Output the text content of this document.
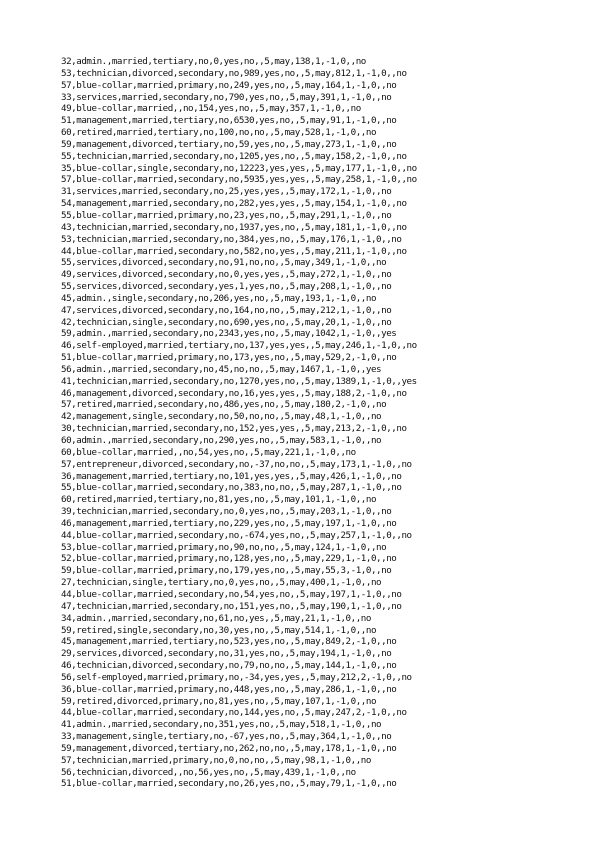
32,admin.,married,tertiary,no,0,yes,no,,5,may,138,1,-1,0,,no
53,technician,divorced,secondary,no,989,yes,no,,5,may,812,1,-1,0,,no
57,blue-collar,married,primary,no,249,yes,no,,5,may,164,1,-1,0,,no
33,services,married,secondary,no,790,yes,no,,5,may,391,1,-1,0,,no
49,blue-collar,married,,no,154,yes,no,,5,may,357,1,-1,0,,no
51,management,married,tertiary,no,6530,yes,no,,5,may,91,1,-1,0,,no
60,retired,married,tertiary,no,100,no,no,,5,may,528,1,-1,0,,no
59,management,divorced,tertiary,no,59,yes,no,,5,may,273,1,-1,0,,no
55,technician,married,secondary,no,1205,yes,no,,5,may,158,2,-1,0,,no
35,blue-collar,single,secondary,no,12223,yes,yes,,5,may,177,1,-1,0,,no
57,blue-collar,married,secondary,no,5935,yes,yes,,5,may,258,1,-1,0,,no
31,services,married,secondary,no,25,yes,yes,,5,may,172,1,-1,0,,no
54,management,married,secondary,no,282,yes,yes,,5,may,154,1,-1,0,,no
55,blue-collar,married,primary,no,23,yes,no,,5,may,291,1,-1,0,,no
43,technician,married,secondary,no,1937,yes,no,,5,may,181,1,-1,0,,no
53,technician,married,secondary,no,384,yes,no,,5,may,176,1,-1,0,,no
44,blue-collar,married,secondary,no,582,no,yes,,5,may,211,1,-1,0,,no
55,services,divorced,secondary,no,91,no,no,,5,may,349,1,-1,0,,no
49,services,divorced,secondary,no,0,yes,yes,,5,may,272,1,-1,0,,no
55,services,divorced,secondary,yes,1,yes,no,,5,may,208,1,-1,0,,no
45,admin.,single,secondary,no,206,yes,no,,5,may,193,1,-1,0,,no
47,services,divorced,secondary,no,164,no,no,,5,may,212,1,-1,0,,no
42,technician,single,secondary,no,690,yes,no,,5,may,20,1,-1,0,,no
59,admin.,married,secondary,no,2343,yes,no,,5,may,1042,1,-1,0,,yes
46,self-employed,married,tertiary,no,137,yes,yes,,5,may,246,1,-1,0,,no
51,blue-collar,married,primary,no,173,yes,no,,5,may,529,2,-1,0,,no
56,admin.,married,secondary,no,45,no,no,,5,may,1467,1,-1,0,,yes
41,technician,married,secondary,no,1270,yes,no,,5,may,1389,1,-1,0,,yes
46,management,divorced,secondary,no,16,yes,yes,,5,may,188,2,-1,0,,no
57,retired,married,secondary,no,486,yes,no,,5,may,180,2,-1,0,,no
42,management,single,secondary,no,50,no,no,,5,may,48,1,-1,0,,no
30,technician,married,secondary,no,152,yes,yes,,5,may,213,2,-1,0,,no
60,admin.,married,secondary,no,290,yes,no,,5,may,583,1,-1,0,,no
60,blue-collar,married,,no,54,yes,no,,5,may,221,1,-1,0,,no
57,entrepreneur,divorced,secondary,no,-37,no,no,,5,may,173,1,-1,0,,no
36,management,married,tertiary,no,101,yes,yes,,5,may,426,1,-1,0,,no
55,blue-collar,married,secondary,no,383,no,no,,5,may,287,1,-1,0,,no
60,retired,married,tertiary,no,81,yes,no,,5,may,101,1,-1,0,,no
39,technician,married,secondary,no,0,yes,no,,5,may,203,1,-1,0,,no
46,management,married,tertiary,no,229,yes,no,,5,may,197,1,-1,0,,no
44,blue-collar,married,secondary,no,-674,yes,no,,5,may,257,1,-1,0,,no
53,blue-collar,married,primary,no,90,no,no,,5,may,124,1,-1,0,,no
52,blue-collar,married,primary,no,128,yes,no,,5,may,229,1,-1,0,,no
59,blue-collar,married,primary,no,179,yes,no,,5,may,55,3,-1,0,,no
27,technician,single,tertiary,no,0,yes,no,,5,may,400,1,-1,0,,no
44,blue-collar,married,secondary,no,54,yes,no,,5,may,197,1,-1,0,,no
47,technician,married,secondary,no,151,yes,no,,5,may,190,1,-1,0,,no
34,admin.,married,secondary,no,61,no,yes,,5,may,21,1,-1,0,,no
59,retired,single,secondary,no,30,yes,no,,5,may,514,1,-1,0,,no
45,management,married,tertiary,no,523,yes,no,,5,may,849,2,-1,0,,no
29,services,divorced,secondary,no,31,yes,no,,5,may,194,1,-1,0,,no
46,technician,divorced,secondary,no,79,no,no,,5,may,144,1,-1,0,,no
56,self-employed,married,primary,no,-34,yes,yes,,5,may,212,2,-1,0,,no
36,blue-collar,married,primary,no,448,yes,no,,5,may,286,1,-1,0,,no
59,retired,divorced,primary,no,81,yes,no,,5,may,107,1,-1,0,,no
44,blue-collar,married,secondary,no,144,yes,no,,5,may,247,2,-1,0,,no
41,admin.,married,secondary,no,351,yes,no,,5,may,518,1,-1,0,,no
33,management,single,tertiary,no,-67,yes,no,,5,may,364,1,-1,0,,no
59,management,divorced,tertiary,no,262,no,no,,5,may,178,1,-1,0,,no
57,technician,married,primary,no,0,no,no,,5,may,98,1,-1,0,,no
56,technician,divorced,,no,56,yes,no,,5,may,439,1,-1,0,,no
51,blue-collar,married,secondary,no,26,yes,no,,5,may,79,1,-1,0,,no
